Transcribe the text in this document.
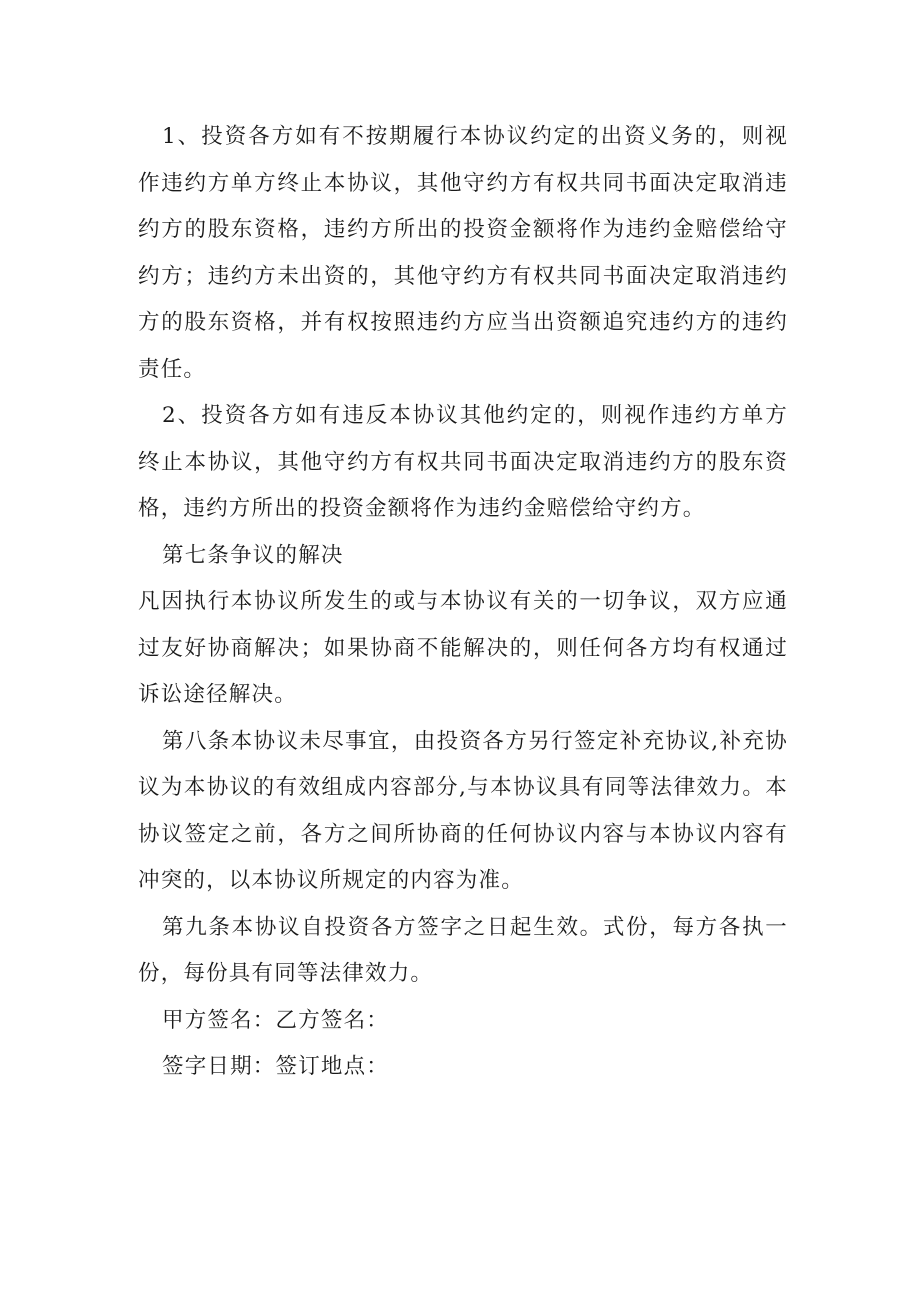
1、投资各方如有不按期履行本协议约定的出资义务的，则视作违约方单方终止本协议，其他守约方有权共同书面决定取消违约方的股东资格，违约方所出的投资金额将作为违约金赔偿给守约方；违约方未出资的，其他守约方有权共同书面决定取消违约方的股东资格，并有权按照违约方应当出资额追究违约方的违约责任。

2、投资各方如有违反本协议其他约定的，则视作违约方单方终止本协议，其他守约方有权共同书面决定取消违约方的股东资格，违约方所出的投资金额将作为违约金赔偿给守约方。

第七条争议的解决

凡因执行本协议所发生的或与本协议有关的一切争议，双方应通过友好协商解决；如果协商不能解决的，则任何各方均有权通过诉讼途径解决。

第八条本协议未尽事宜，由投资各方另行签定补充协议,补充协议为本协议的有效组成内容部分,与本协议具有同等法律效力。本协议签定之前，各方之间所协商的任何协议内容与本协议内容有冲突的，以本协议所规定的内容为准。

第九条本协议自投资各方签字之日起生效。式份，每方各执一份，每份具有同等法律效力。

甲方签名：乙方签名：

签字日期：签订地点：
